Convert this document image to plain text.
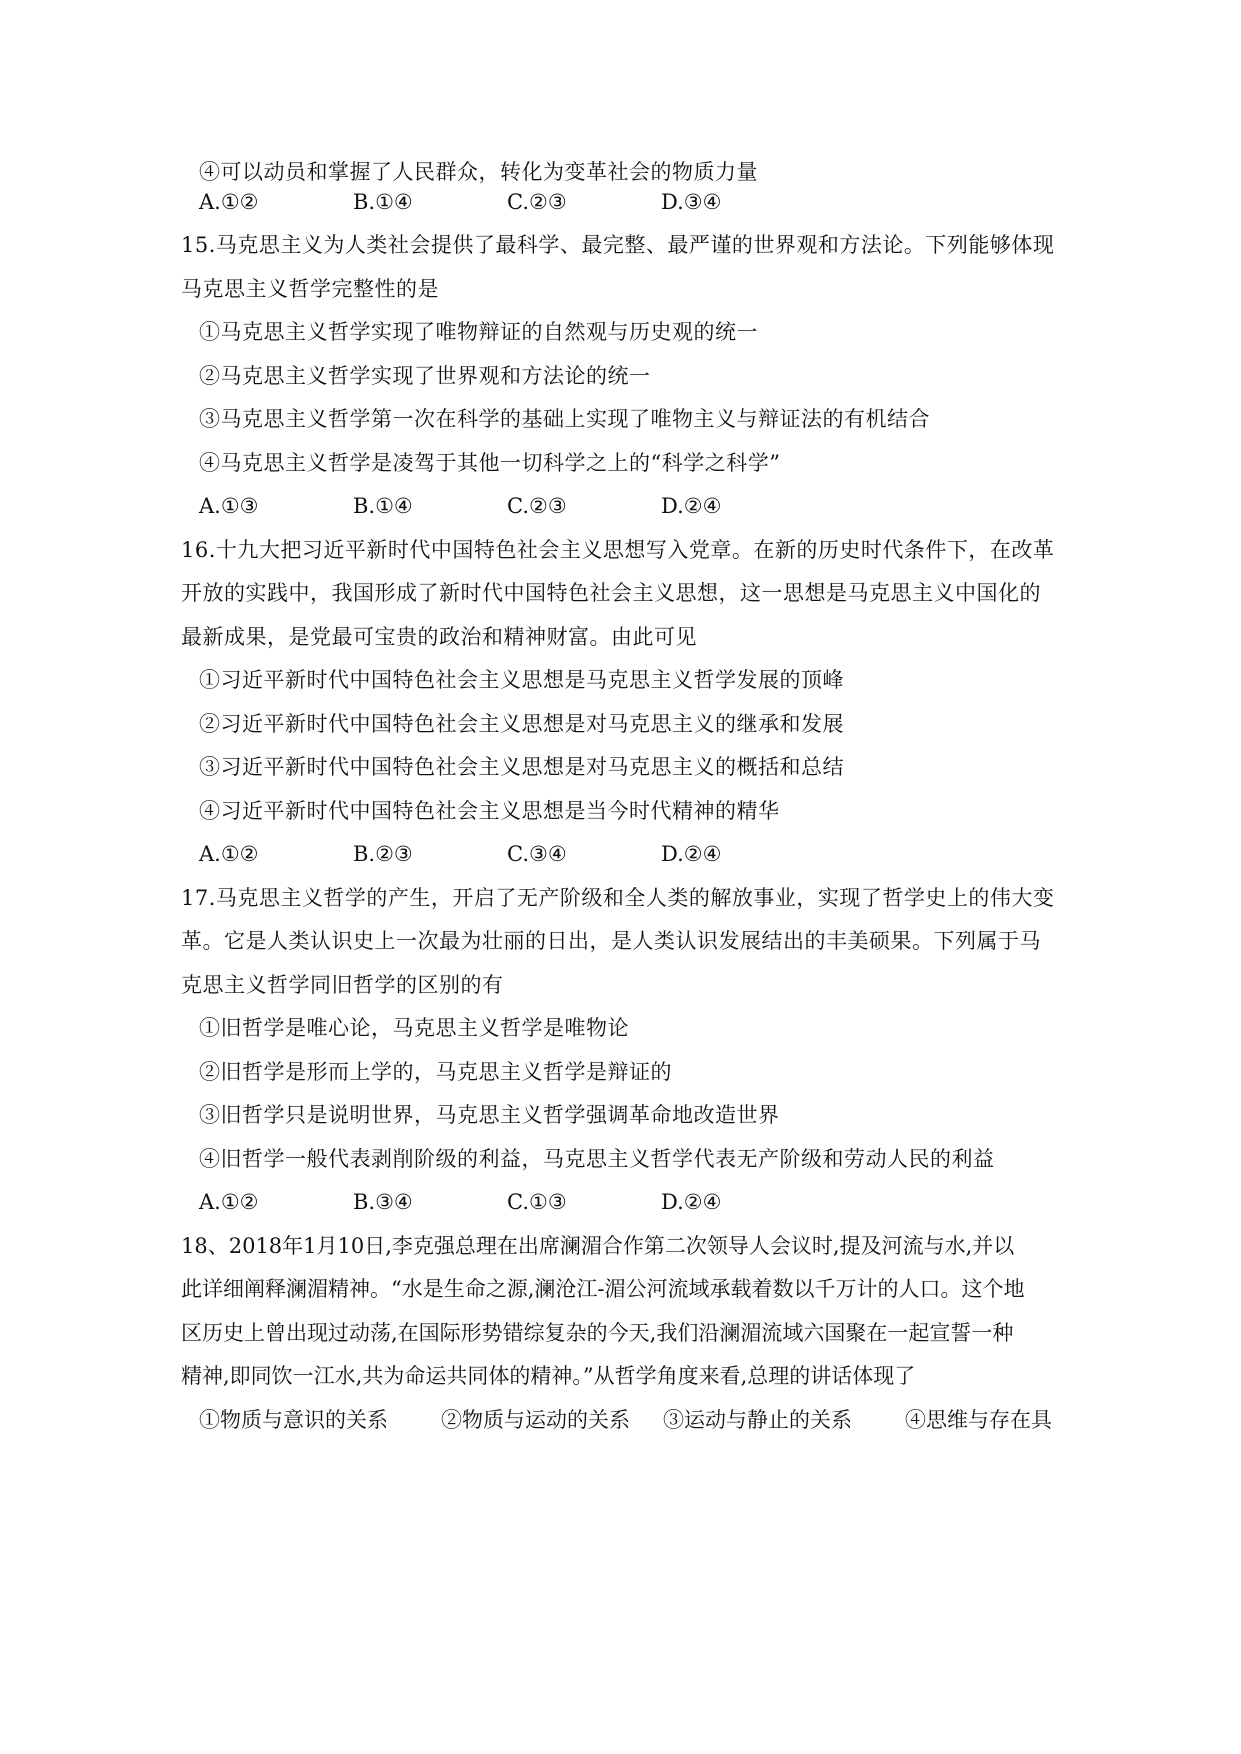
④可以动员和掌握了人民群众，转化为变革社会的物质力量
A.①②	B.①④	C.②③	D.③④
15.马克思主义为人类社会提供了最科学、最完整、最严谨的世界观和方法论。下列能够体现
马克思主义哲学完整性的是
①马克思主义哲学实现了唯物辩证的自然观与历史观的统一
②马克思主义哲学实现了世界观和方法论的统一
③马克思主义哲学第一次在科学的基础上实现了唯物主义与辩证法的有机结合
④马克思主义哲学是凌驾于其他一切科学之上的“科学之科学”
A.①③	B.①④	C.②③	D.②④
16.十九大把习近平新时代中国特色社会主义思想写入党章。在新的历史时代条件下，在改革
开放的实践中，我国形成了新时代中国特色社会主义思想，这一思想是马克思主义中国化的
最新成果，是党最可宝贵的政治和精神财富。由此可见
①习近平新时代中国特色社会主义思想是马克思主义哲学发展的顶峰
②习近平新时代中国特色社会主义思想是对马克思主义的继承和发展
③习近平新时代中国特色社会主义思想是对马克思主义的概括和总结
④习近平新时代中国特色社会主义思想是当今时代精神的精华
A.①②	B.②③	C.③④	D.②④
17.马克思主义哲学的产生，开启了无产阶级和全人类的解放事业，实现了哲学史上的伟大变
革。它是人类认识史上一次最为壮丽的日出，是人类认识发展结出的丰美硕果。下列属于马
克思主义哲学同旧哲学的区别的有
①旧哲学是唯心论，马克思主义哲学是唯物论
②旧哲学是形而上学的，马克思主义哲学是辩证的
③旧哲学只是说明世界，马克思主义哲学强调革命地改造世界
④旧哲学一般代表剥削阶级的利益，马克思主义哲学代表无产阶级和劳动人民的利益
A.①②	B.③④	C.①③	D.②④
18、2018年1月10日,李克强总理在出席澜湄合作第二次领导人会议时,提及河流与水,并以
此详细阐释澜湄精神。“水是生命之源,澜沧江-湄公河流域承载着数以千万计的人口。这个地
区历史上曾出现过动荡,在国际形势错综复杂的今天,我们沿澜湄流域六国聚在一起宣誓一种
精神,即同饮一江水,共为命运共同体的精神。”从哲学角度来看,总理的讲话体现了
①物质与意识的关系	②物质与运动的关系 ③运动与静止的关系	④思维与存在具
